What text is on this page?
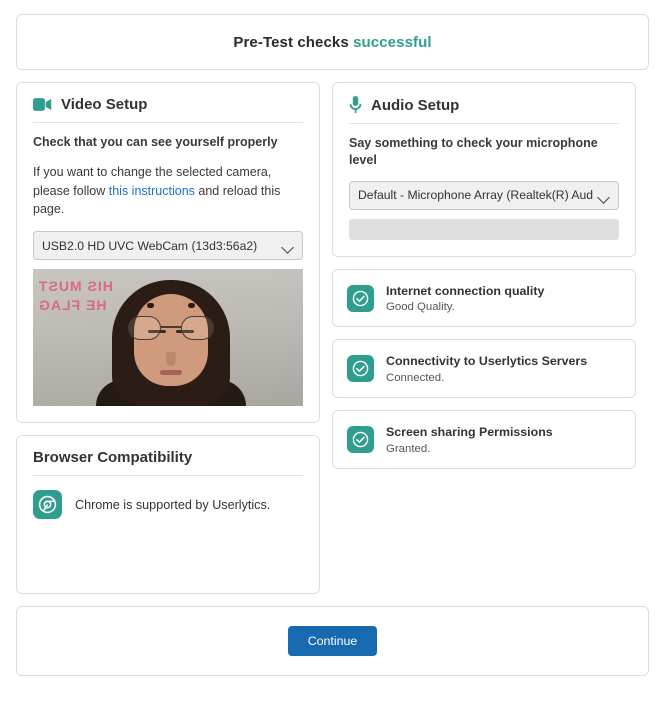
Pre-Test checks successful
Video Setup

Check that you can see yourself properly

If you want to change the selected camera, please follow this instructions and reload this page.

USB2.0 HD UVC WebCam (13d3:56a2)
HIS MUST
HE FLAG
Browser Compatibility
Chrome is supported by Userlytics.
Audio Setup

Say something to check your microphone level

Default - Microphone Array (Realtek(R) Aud
Internet connection quality
Good Quality.
Connectivity to Userlytics Servers
Connected.
Screen sharing Permissions
Granted.
Continue
